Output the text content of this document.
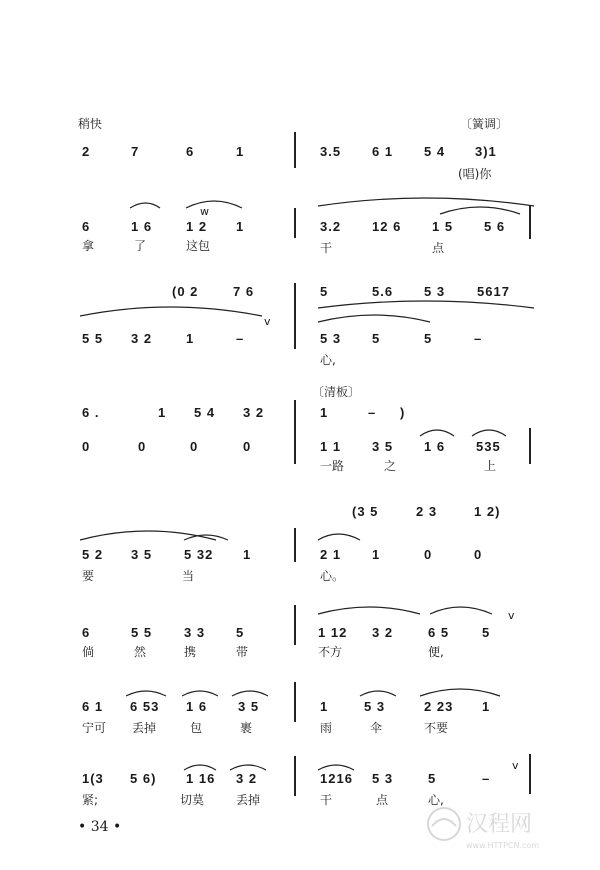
稍快	〔簧调〕
2	7	6	1	3.5 6 1 5 4 3)1
(唱)你
w
6	1 6	1 2 1
拿	了	这包
3.2 12 6 1 5 5 6
干	点
(0 2	7 6	5	5.6 5 3 5617
v
5 5 3 2	1	–	5 3 5	5	–
心,
〔清板〕
6 .	1 5 4 3 2	1	– )
0	0	0	0	1 1 3 5 1 6 535
一路	之	上
(3 5	2 3	1 2)
5 2 3 5 5 32 1
要	当
2 1 1	0	0
心。
v
6	5 5 3 3 5
倘	然	携	带
1 12 3 2	6 5	5
不方	便,
6 1 6 53 1 6 3 5
宁可 丢掉	包	裹
1	5 3	2 23 1
雨	伞	不要
v
1(3 5 6) 1 16 3 2
紧;	切莫	丢掉
1216 5 3	5	–
干	点	心,
• 34 •	汉程网
www.HTTPCN.com
